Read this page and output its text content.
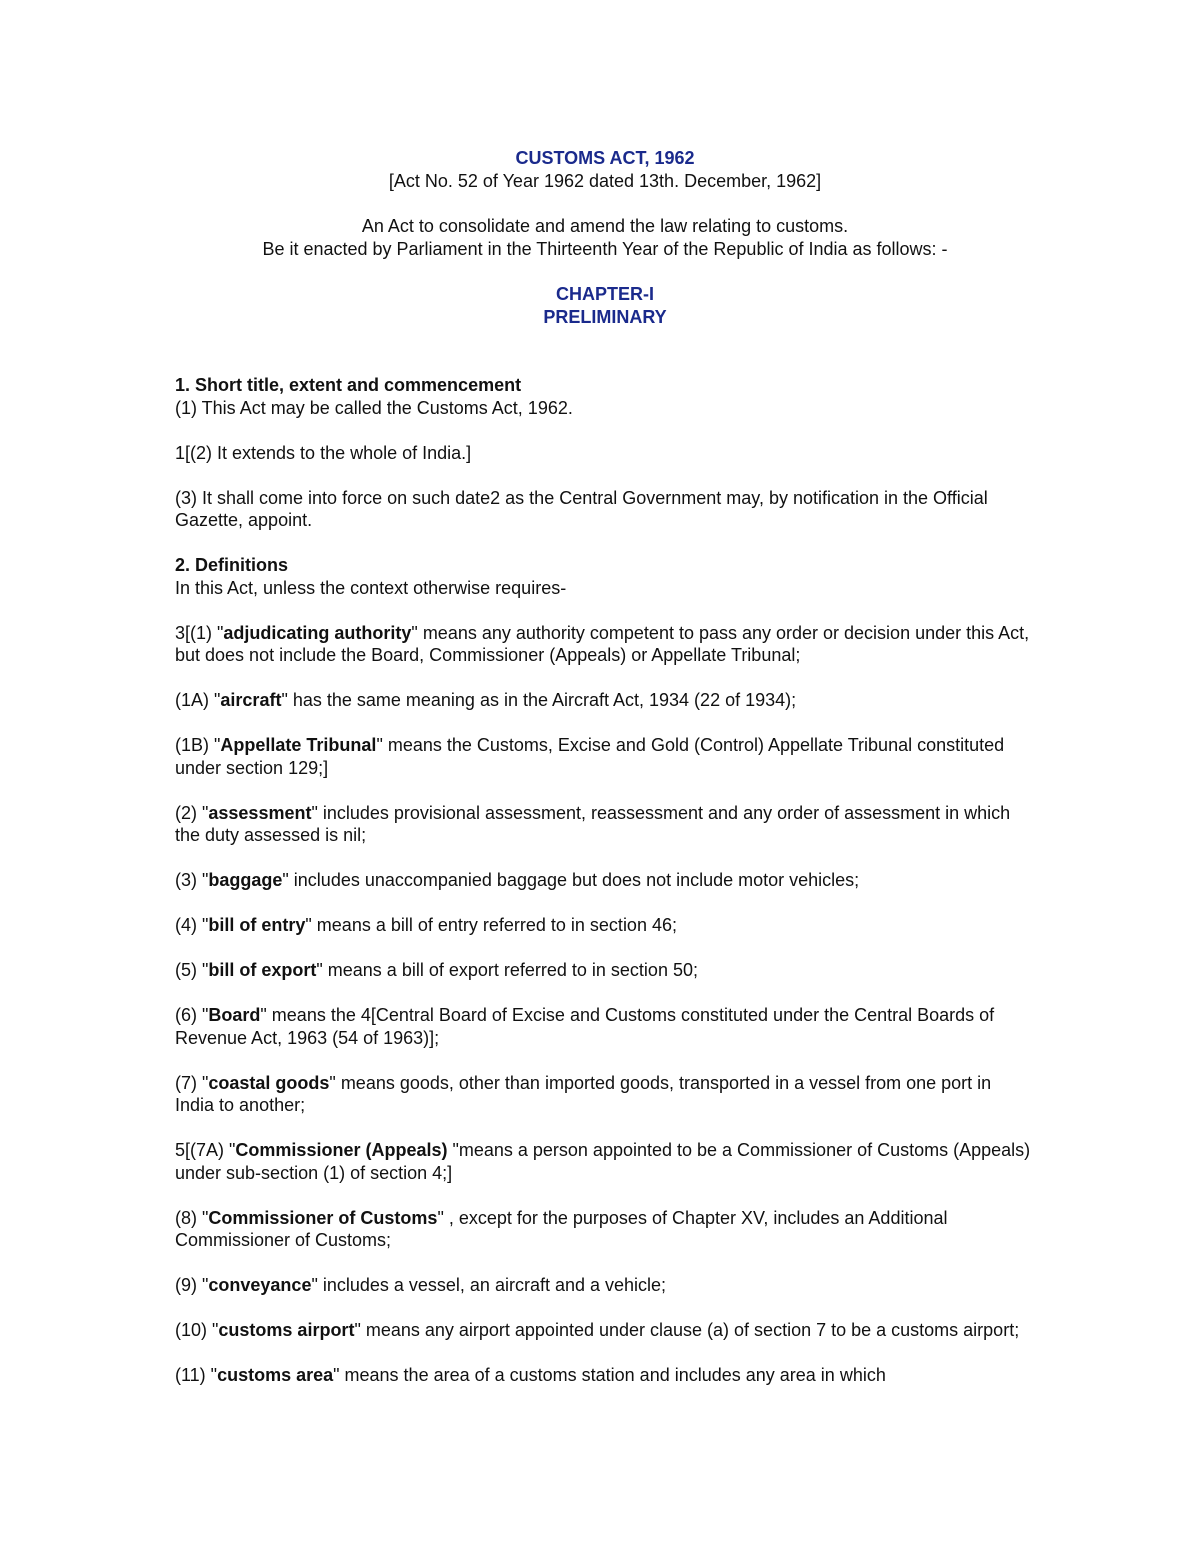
CUSTOMS ACT, 1962
[Act No. 52 of Year 1962 dated 13th. December, 1962]
An Act to consolidate and amend the law relating to customs.
Be it enacted by Parliament in the Thirteenth Year of the Republic of India as follows: -
CHAPTER-I
PRELIMINARY
1. Short title, extent and commencement

(1) This Act may be called the Customs Act, 1962.

1[(2) It extends to the whole of India.]

(3) It shall come into force on such date2 as the Central Government may, by notification in the Official Gazette, appoint.

2. Definitions

In this Act, unless the context otherwise requires-

3[(1) "adjudicating authority" means any authority competent to pass any order or decision under this Act, but does not include the Board, Commissioner (Appeals) or Appellate Tribunal;

(1A) "aircraft" has the same meaning as in the Aircraft Act, 1934 (22 of 1934);

(1B) "Appellate Tribunal" means the Customs, Excise and Gold (Control) Appellate Tribunal constituted under section 129;]

(2) "assessment" includes provisional assessment, reassessment and any order of assessment in which the duty assessed is nil;

(3) "baggage" includes unaccompanied baggage but does not include motor vehicles;

(4) "bill of entry" means a bill of entry referred to in section 46;

(5) "bill of export" means a bill of export referred to in section 50;

(6) "Board" means the 4[Central Board of Excise and Customs constituted under the Central Boards of Revenue Act, 1963 (54 of 1963)];

(7) "coastal goods" means goods, other than imported goods, transported in a vessel from one port in India to another;

5[(7A) "Commissioner (Appeals) "means a person appointed to be a Commissioner of Customs (Appeals) under sub-section (1) of section 4;]

(8) "Commissioner of Customs" , except for the purposes of Chapter XV, includes an Additional Commissioner of Customs;

(9) "conveyance" includes a vessel, an aircraft and a vehicle;

(10) "customs airport" means any airport appointed under clause (a) of section 7 to be a customs airport;

(11) "customs area" means the area of a customs station and includes any area in which
